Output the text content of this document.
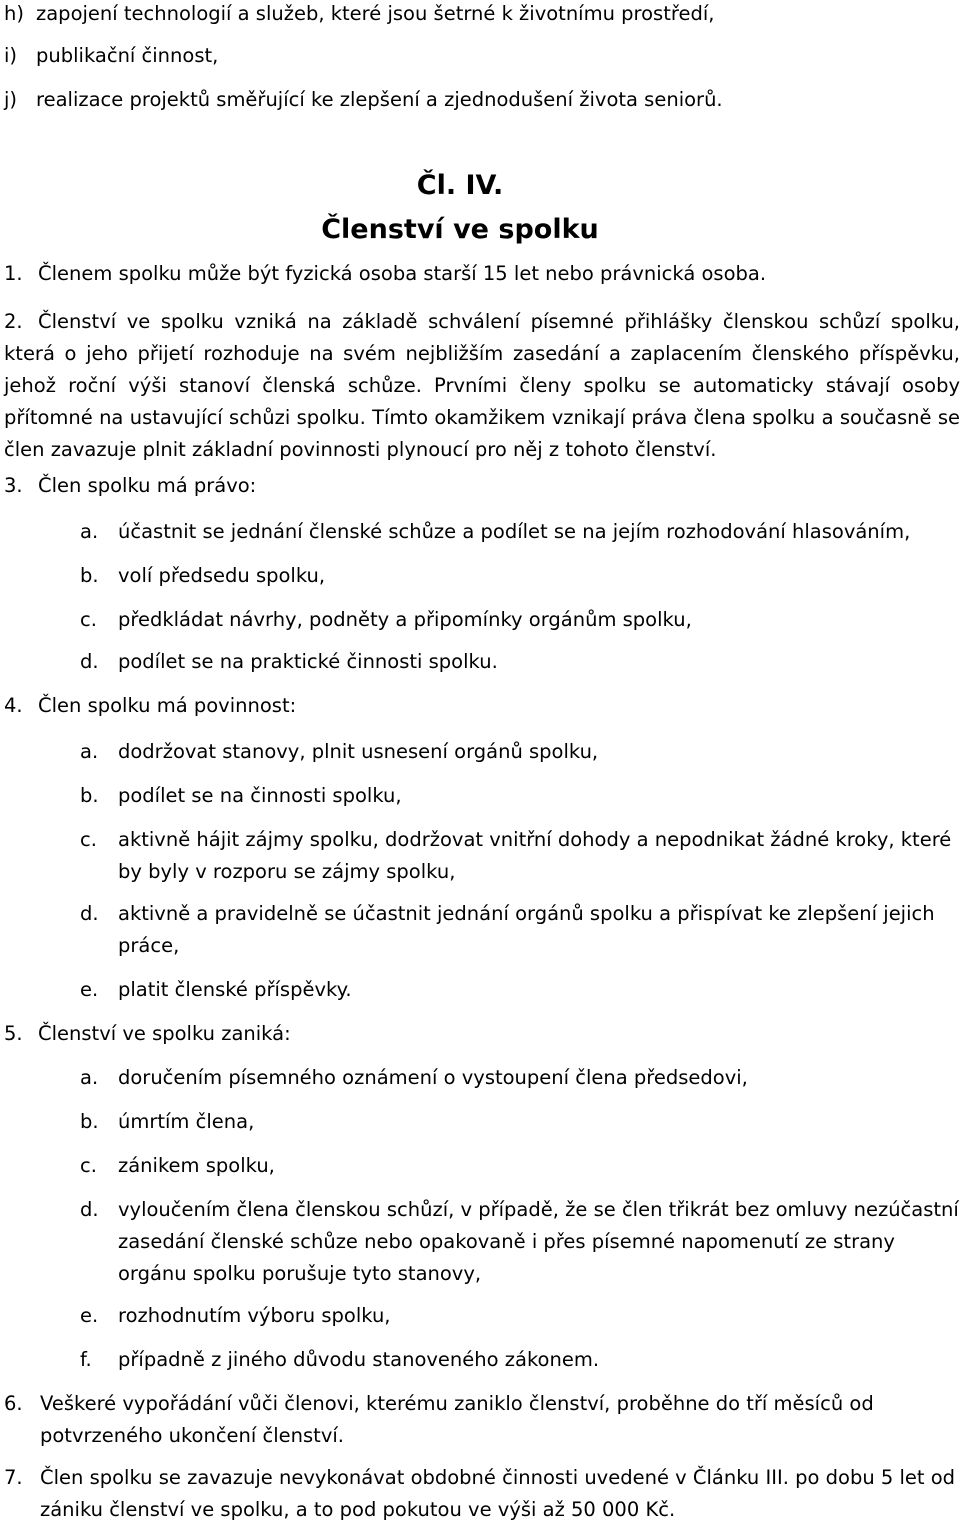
h) zapojení technologií a služeb, které jsou šetrné k životnímu prostředí,
i) publikační činnost,
j) realizace projektů směřující ke zlepšení a zjednodušení života seniorů.
Čl. IV.
Členství ve spolku
1. Členem spolku může být fyzická osoba starší 15 let nebo právnická osoba.
2. Členství ve spolku vzniká na základě schválení písemné přihlášky členskou schůzí spolku, která o jeho přijetí rozhoduje na svém nejbližším zasedání a zaplacením členského příspěvku, jehož roční výši stanoví členská schůze. Prvními členy spolku se automaticky stávají osoby přítomné na ustavující schůzi spolku. Tímto okamžikem vznikají práva člena spolku a současně se člen zavazuje plnit základní povinnosti plynoucí pro něj z tohoto členství.
3. Člen spolku má právo:
a. účastnit se jednání členské schůze a podílet se na jejím rozhodování hlasováním,
b. volí předsedu spolku,
c. předkládat návrhy, podněty a připomínky orgánům spolku,
d. podílet se na praktické činnosti spolku.
4. Člen spolku má povinnost:
a. dodržovat stanovy, plnit usnesení orgánů spolku,
b. podílet se na činnosti spolku,
c.	aktivně hájit zájmy spolku, dodržovat vnitřní dohody a nepodnikat žádné kroky, které by byly v rozporu se zájmy spolku,
d. aktivně a pravidelně se účastnit jednání orgánů spolku a přispívat ke zlepšení jejich práce,
e. platit členské příspěvky.
5. Členství ve spolku zaniká:
a. doručením písemného oznámení o vystoupení člena předsedovi,
b. úmrtím člena,
c. zánikem spolku,
d. vyloučením člena členskou schůzí, v případě, že se člen třikrát bez omluvy nezúčastní zasedání členské schůze nebo opakovaně i přes písemné napomenutí ze strany orgánu spolku porušuje tyto stanovy,
e. rozhodnutím výboru spolku,
f. případně z jiného důvodu stanoveného zákonem.
6. Veškeré vypořádání vůči členovi, kterému zaniklo členství, proběhne do tří měsíců od potvrzeného ukončení členství.
7. Člen spolku se zavazuje nevykonávat obdobné činnosti uvedené v Článku III. po dobu 5 let od zániku členství ve spolku, a to pod pokutou ve výši až 50 000 Kč.
